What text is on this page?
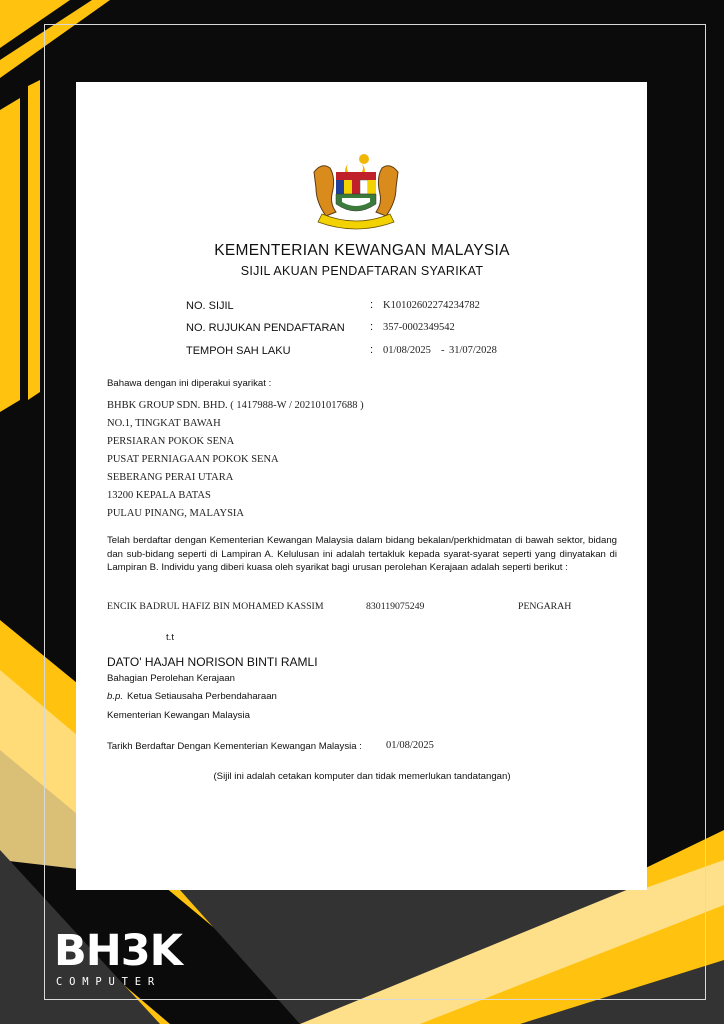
KEMENTERIAN KEWANGAN MALAYSIA
SIJIL AKUAN PENDAFTARAN SYARIKAT
NO. SIJIL	: K10102602274234782
NO. RUJUKAN PENDAFTARAN : 357-0002349542
TEMPOH SAH LAKU	: 01/08/2025 - 31/07/2028
Bahawa dengan ini diperakui syarikat :
BHBK GROUP SDN. BHD. ( 1417988-W / 202101017688 )
NO.1, TINGKAT BAWAH
PERSIARAN POKOK SENA
PUSAT PERNIAGAAN POKOK SENA
SEBERANG PERAI UTARA
13200 KEPALA BATAS
PULAU PINANG, MALAYSIA
Telah berdaftar dengan Kementerian Kewangan Malaysia dalam bidang bekalan/perkhidmatan di bawah sektor, bidang dan sub-bidang seperti di Lampiran A. Kelulusan ini adalah tertakluk kepada syarat-syarat seperti yang dinyatakan di Lampiran B. Individu yang diberi kuasa oleh syarikat bagi urusan perolehan Kerajaan adalah seperti berikut :
ENCIK BADRUL HAFIZ BIN MOHAMED KASSIM	830119075249	PENGARAH
t.t
DATO' HAJAH NORISON BINTI RAMLI
Bahagian Perolehan Kerajaan
b.p. Ketua Setiausaha Perbendaharaan
Kementerian Kewangan Malaysia
Tarikh Berdaftar Dengan Kementerian Kewangan Malaysia : 01/08/2025
(Sijil ini adalah cetakan komputer dan tidak memerlukan tandatangan)
BH3K
COMPUTER
